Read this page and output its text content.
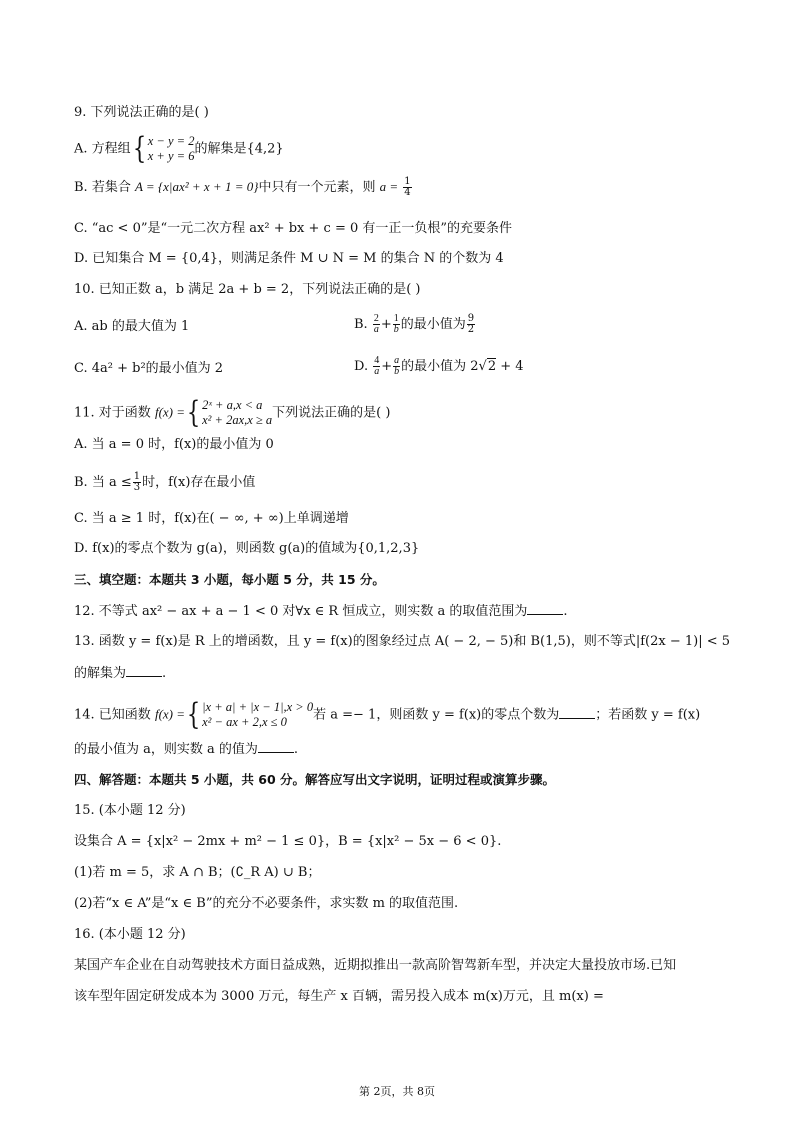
9. 下列说法正确的是( )
A. 方程组{ x − y = 2
x + y = 6 的解集是{4,2}
B. 若集合 A = {x|ax² + x + 1 = 0}中只有一个元素，则 $a = \frac{1}{4}$
C. “ac < 0”是“一元二次方程 ax² + bx + c = 0 有一正一负根”的充要条件
D. 已知集合 M = {0,4}，则满足条件 M ∪ N = M 的集合 N 的个数为 4
10. 已知正数 a，b 满足 2a + b = 2，下列说法正确的是( )
A. ab 的最大值为 1	B. $\frac{2}{a} + \frac{1}{b}$ 的最小值为 $\frac{9}{2}$
C. 4a² + b²的最小值为 2	D. $\frac{4}{a} + \frac{a}{b}$ 的最小值为 2√2 + 4
11. 对于函数 f(x) ={ 2ˣ + a,x < a
x² + 2ax,x ≥ a 下列说法正确的是( )
A. 当 a = 0 时，f(x)的最小值为 0
B. 当 $a \le \frac{1}{3}$ 时，f(x)存在最小值
C. 当 a ≥ 1 时，f(x)在( − ∞, + ∞)上单调递增
D. f(x)的零点个数为 g(a)，则函数 g(a)的值域为{0,1,2,3}
三、填空题：本题共 3 小题，每小题 5 分，共 15 分。
12. 不等式 ax² − ax + a − 1 < 0 对∀x ∈ R 恒成立，则实数 a 的取值范围为	.
13. 函数 y = f(x)是 R 上的增函数，且 y = f(x)的图象经过点 A( − 2, − 5)和 B(1,5)，则不等式|f(2x − 1)| < 5
的解集为	.
14. 已知函数 f(x) ={ |x + a| + |x − 1|,x > 0
x² − ax + 2,x ≤ 0	若 a =− 1，则函数 y = f(x)的零点个数为	；若函数 y = f(x)
的最小值为 a，则实数 a 的值为	.
四、解答题：本题共 5 小题，共 60 分。解答应写出文字说明，证明过程或演算步骤。
15. (本小题 12 分)
设集合 A = {x|x² − 2mx + m² − 1 ≤ 0}，B = {x|x² − 5x − 6 < 0}.
(1)若 m = 5，求 A ∩ B；(∁_R A) ∪ B；
(2)若“x ∈ A”是“x ∈ B”的充分不必要条件，求实数 m 的取值范围.
16. (本小题 12 分)
某国产车企业在自动驾驶技术方面日益成熟，近期拟推出一款高阶智驾新车型，并决定大量投放市场.已知
该车型年固定研发成本为 3000 万元，每生产 x 百辆，需另投入成本 m(x)万元，且 m(x) =
第 2页，共 8页
